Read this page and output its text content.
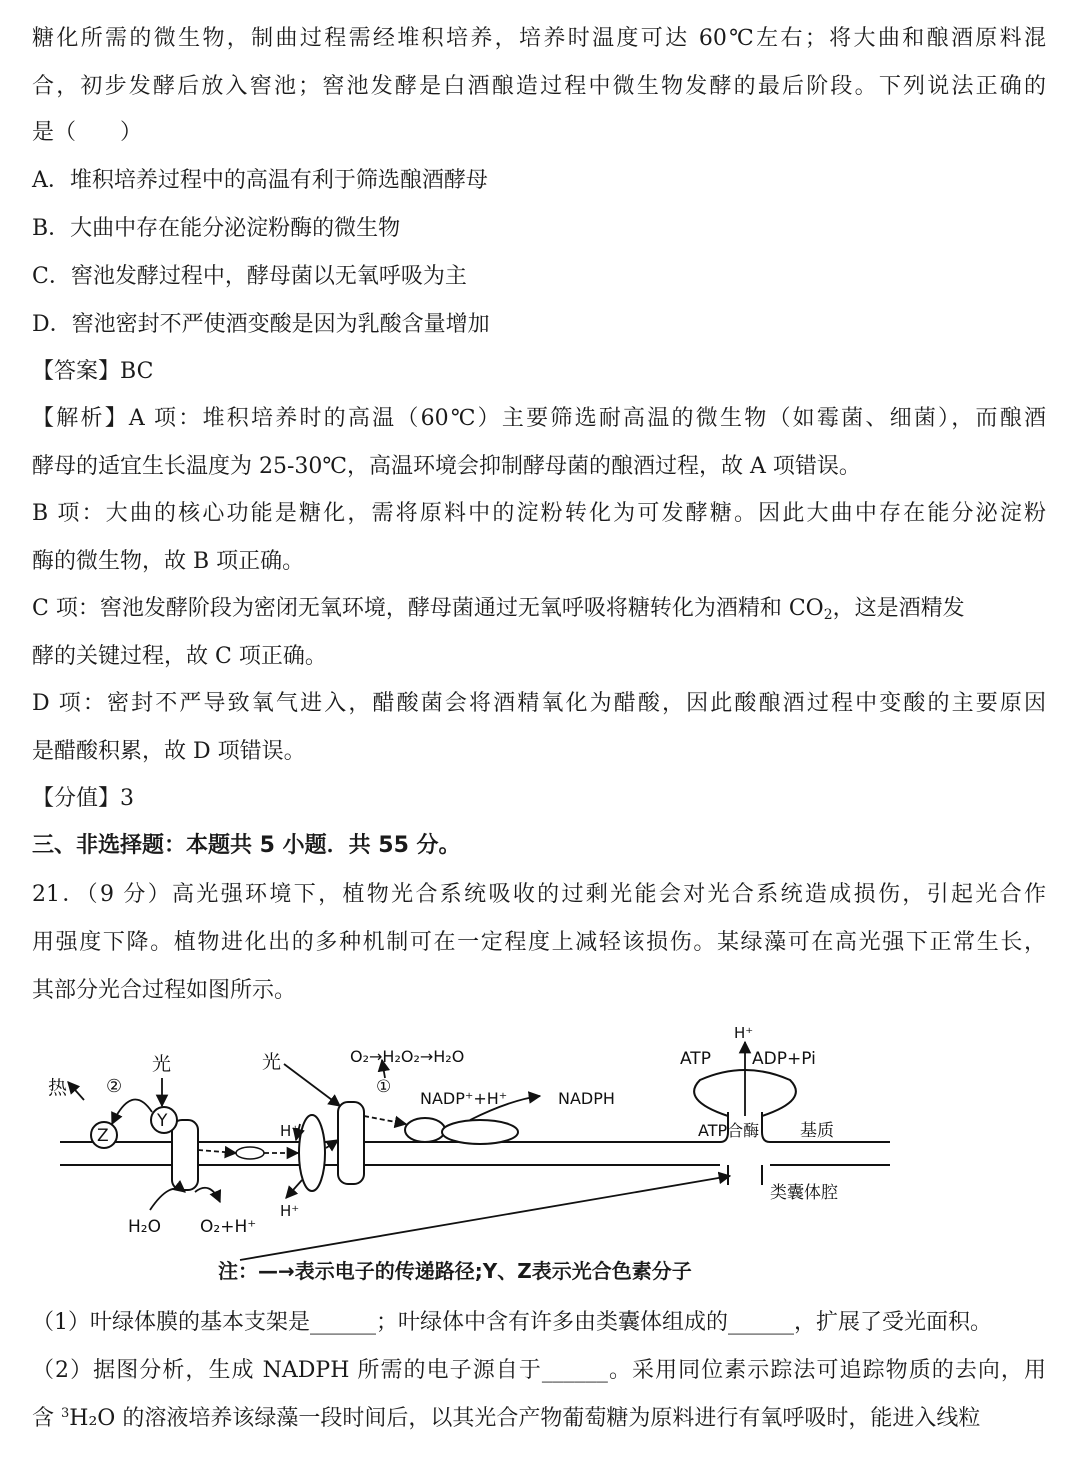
糖化所需的微生物，制曲过程需经堆积培养，培养时温度可达 60℃左右；将大曲和酿酒原料混
合，初步发酵后放入窖池；窖池发酵是白酒酿造过程中微生物发酵的最后阶段。下列说法正确的
是（　　）
A．堆积培养过程中的高温有利于筛选酿酒酵母
B．大曲中存在能分泌淀粉酶的微生物
C．窖池发酵过程中，酵母菌以无氧呼吸为主
D．窖池密封不严使酒变酸是因为乳酸含量增加
【答案】BC
【解析】A 项：堆积培养时的高温（60℃）主要筛选耐高温的微生物（如霉菌、细菌），而酿酒
酵母的适宜生长温度为 25-30℃，高温环境会抑制酵母菌的酿酒过程，故 A 项错误。
B 项：大曲的核心功能是糖化，需将原料中的淀粉转化为可发酵糖。因此大曲中存在能分泌淀粉
酶的微生物，故 B 项正确。
C 项：窖池发酵阶段为密闭无氧环境，酵母菌通过无氧呼吸将糖转化为酒精和 $CO_2$，这是酒精发
酵的关键过程，故 C 项正确。
D 项：密封不严导致氧气进入，醋酸菌会将酒精氧化为醋酸，因此酸酿酒过程中变酸的主要原因
是醋酸积累，故 D 项错误。
【分值】3
三、非选择题：本题共 5 小题．共 55 分。
21．（9 分）高光强环境下，植物光合系统吸收的过剩光能会对光合系统造成损伤，引起光合作
用强度下降。植物进化出的多种机制可在一定程度上减轻该损伤。某绿藻可在高光强下正常生长，
其部分光合过程如图所示。
Z
Y
热 ②
光	光	O₂→H₂O₂→H₂O
①
NADP⁺+H⁺	NADPH
H⁺
H⁺
H⁺
ATP ADP+Pi
ATP合酶 基质
类囊体腔
H₂O O₂+H⁺
注：—→表示电子的传递路径;Y、Z表示光合色素分子
（1）叶绿体膜的基本支架是______；叶绿体中含有许多由类囊体组成的______，扩展了受光面积。
（2）据图分析，生成 NADPH 所需的电子源自于______。采用同位素示踪法可追踪物质的去向，用
含 $^3$H₂O 的溶液培养该绿藻一段时间后，以其光合产物葡萄糖为原料进行有氧呼吸时，能进入线粒
